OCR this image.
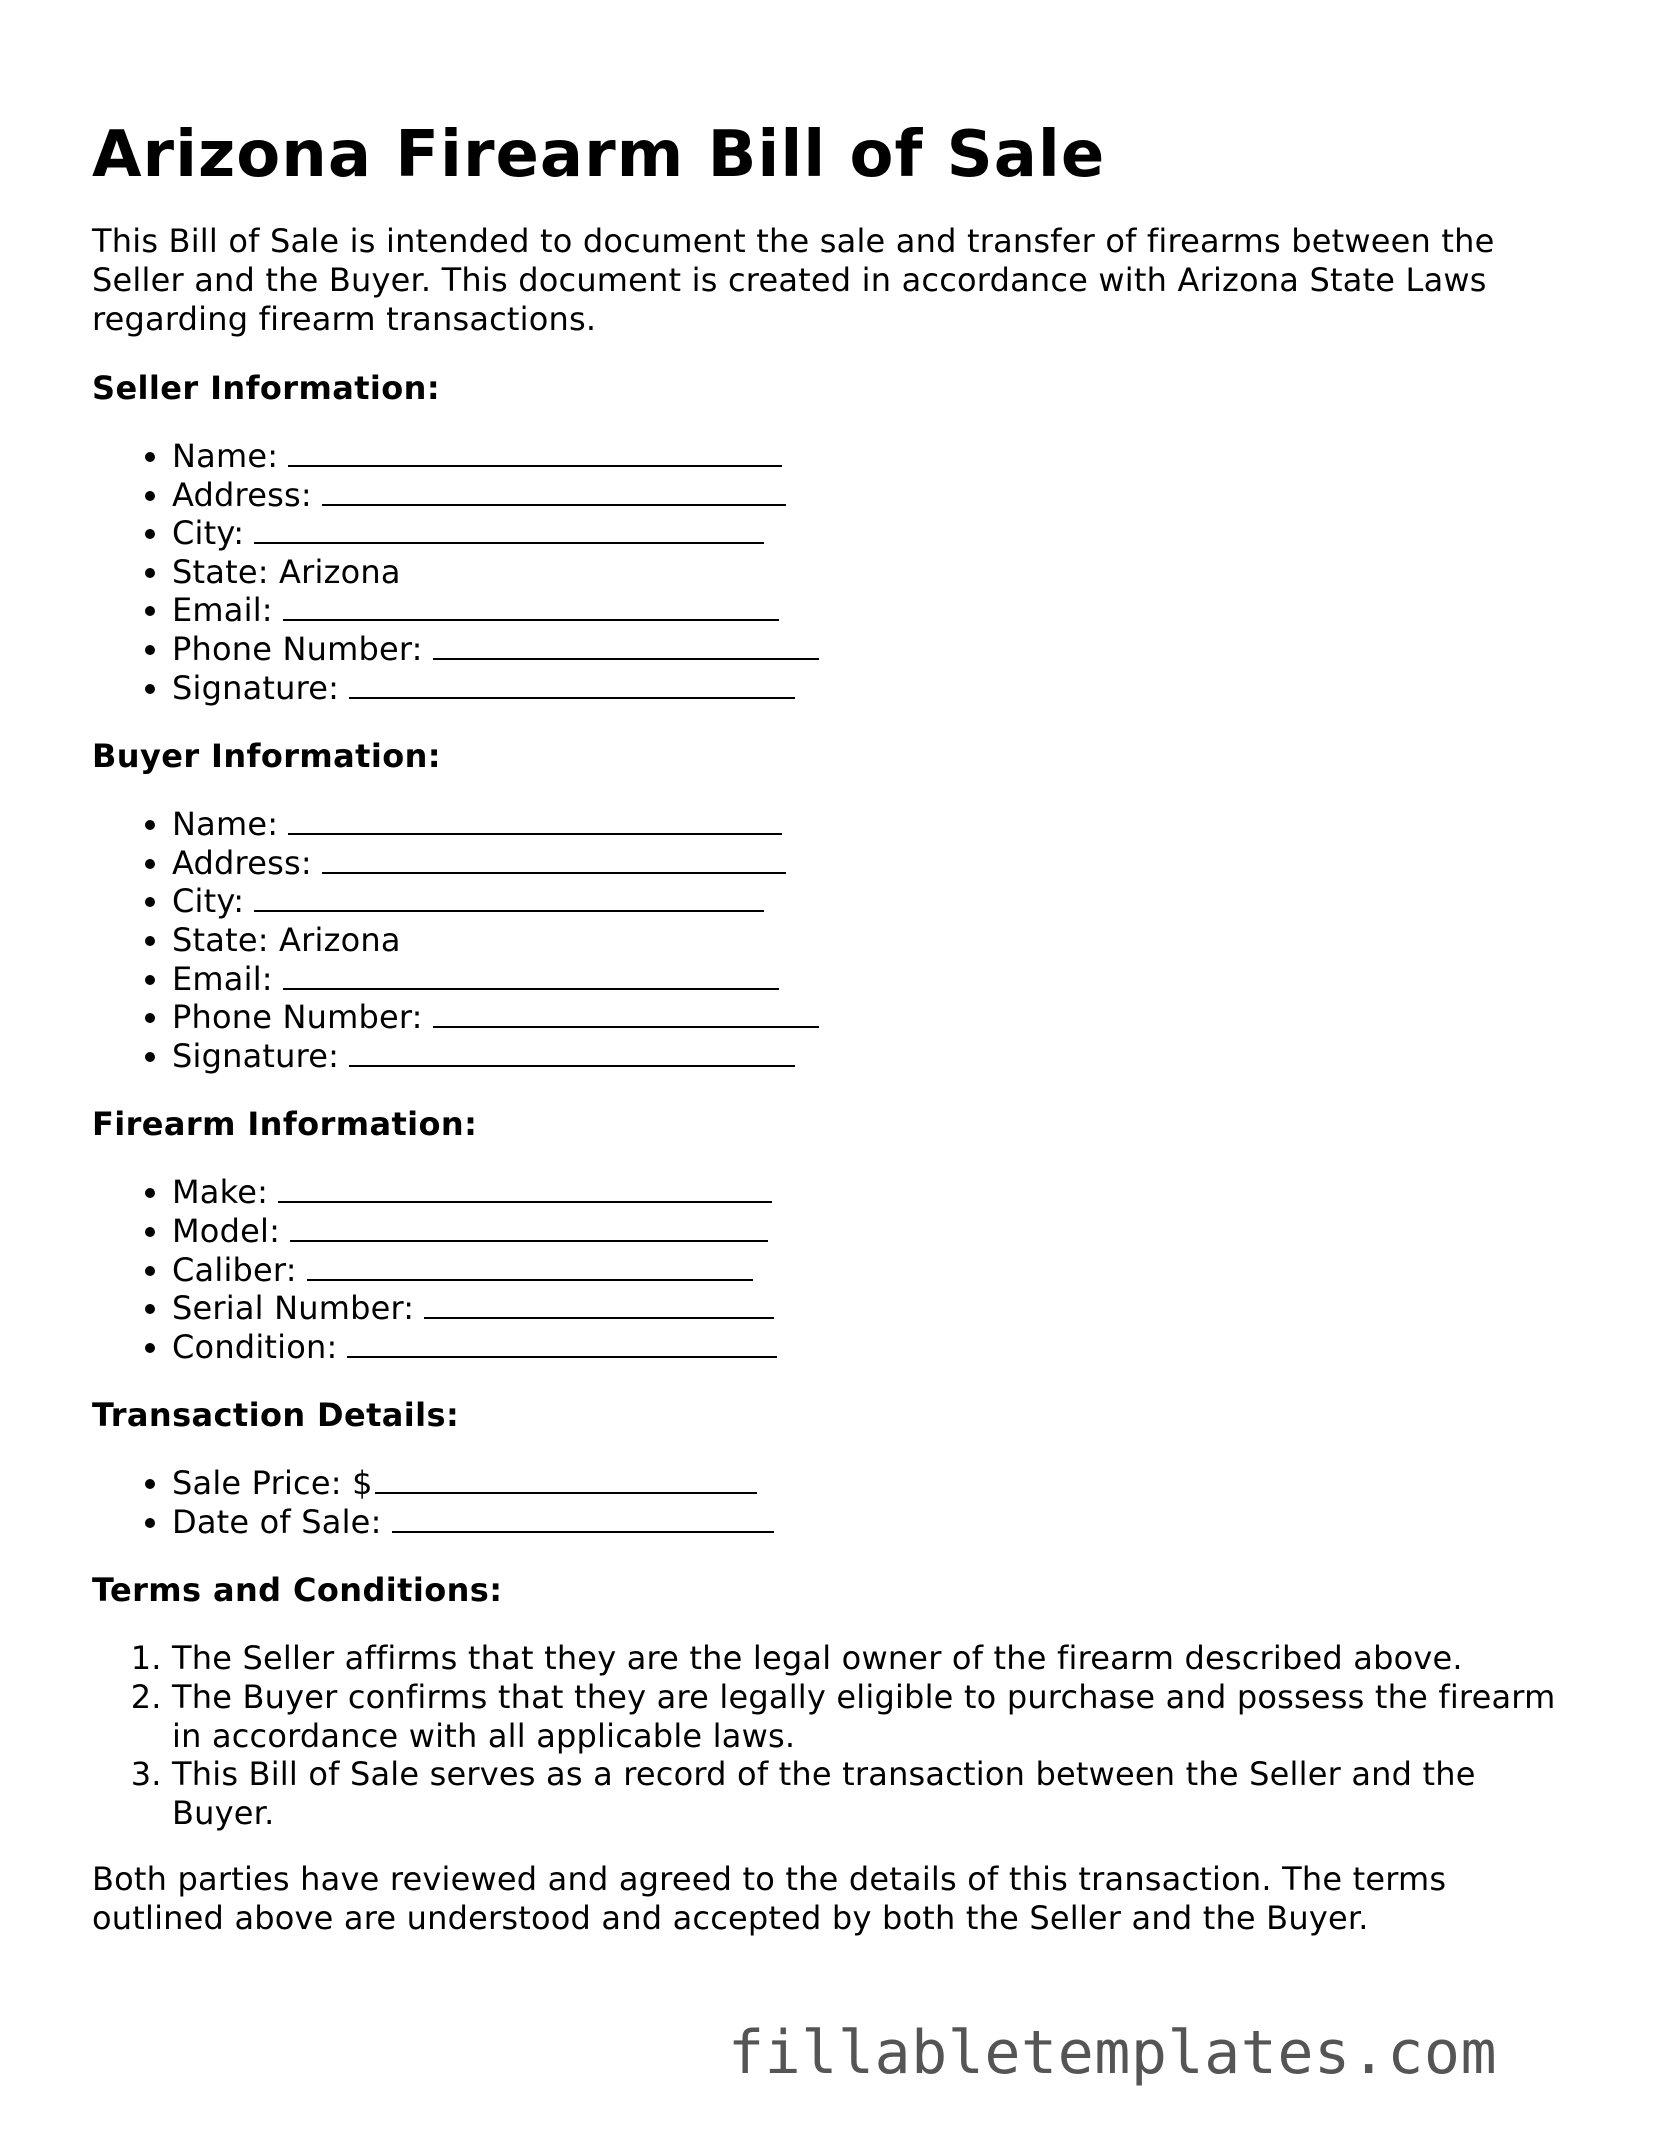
Arizona Firearm Bill of Sale

This Bill of Sale is intended to document the sale and transfer of firearms between the Seller and the Buyer. This document is created in accordance with Arizona State Laws regarding firearm transactions.

Seller Information:
• Name:
• Address:
• City:
• State: Arizona
• Email:
• Phone Number:
• Signature:
Buyer Information:
• Name:
• Address:
• City:
• State: Arizona
• Email:
• Phone Number:
• Signature:
Firearm Information:
• Make:
• Model:
• Caliber:
• Serial Number:
• Condition:
Transaction Details:
• Sale Price: $
• Date of Sale:
Terms and Conditions:
1. The Seller affirms that they are the legal owner of the firearm described above.
2. The Buyer confirms that they are legally eligible to purchase and possess the firearm in accordance with all applicable laws.
3. This Bill of Sale serves as a record of the transaction between the Seller and the Buyer.

Both parties have reviewed and agreed to the details of this transaction. The terms outlined above are understood and accepted by both the Seller and the Buyer.

fillabletemplates.com
